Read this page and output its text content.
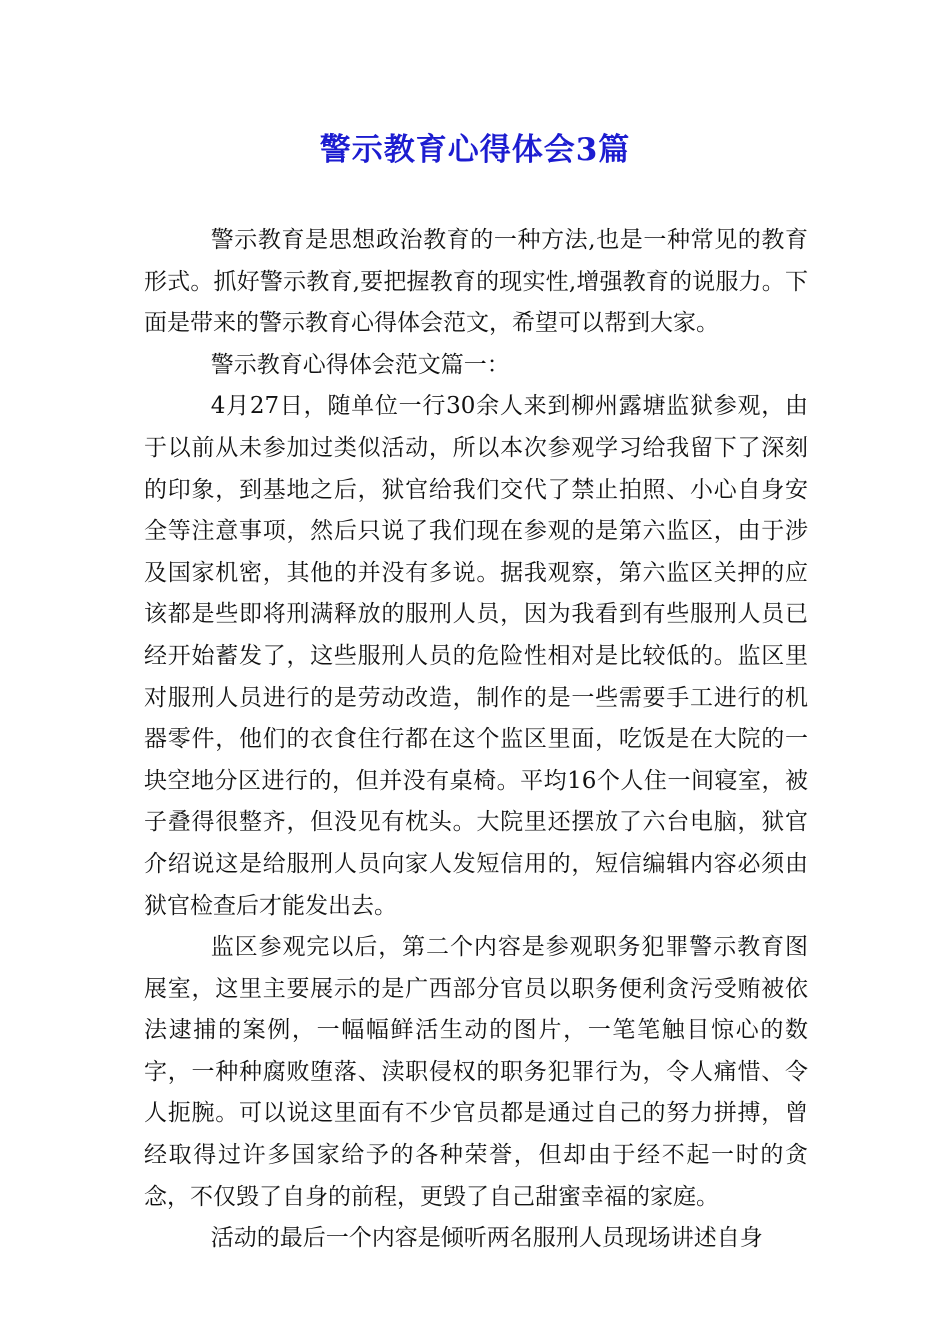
警示教育心得体会3篇

警示教育是思想政治教育的一种方法,也是一种常见的教育形式。抓好警示教育,要把握教育的现实性,增强教育的说服力。下面是带来的警示教育心得体会范文，希望可以帮到大家。

警示教育心得体会范文篇一：

4月27日，随单位一行30余人来到柳州露塘监狱参观，由于以前从未参加过类似活动，所以本次参观学习给我留下了深刻的印象，到基地之后，狱官给我们交代了禁止拍照、小心自身安全等注意事项，然后只说了我们现在参观的是第六监区，由于涉及国家机密，其他的并没有多说。据我观察，第六监区关押的应该都是些即将刑满释放的服刑人员，因为我看到有些服刑人员已经开始蓄发了，这些服刑人员的危险性相对是比较低的。监区里对服刑人员进行的是劳动改造，制作的是一些需要手工进行的机器零件，他们的衣食住行都在这个监区里面，吃饭是在大院的一块空地分区进行的，但并没有桌椅。平均16个人住一间寝室，被子叠得很整齐，但没见有枕头。大院里还摆放了六台电脑，狱官介绍说这是给服刑人员向家人发短信用的，短信编辑内容必须由狱官检查后才能发出去。

监区参观完以后，第二个内容是参观职务犯罪警示教育图展室，这里主要展示的是广西部分官员以职务便利贪污受贿被依法逮捕的案例，一幅幅鲜活生动的图片，一笔笔触目惊心的数字，一种种腐败堕落、渎职侵权的职务犯罪行为，令人痛惜、令人扼腕。可以说这里面有不少官员都是通过自己的努力拼搏，曾经取得过许多国家给予的各种荣誉，但却由于经不起一时的贪念，不仅毁了自身的前程，更毁了自己甜蜜幸福的家庭。

活动的最后一个内容是倾听两名服刑人员现场讲述自身
